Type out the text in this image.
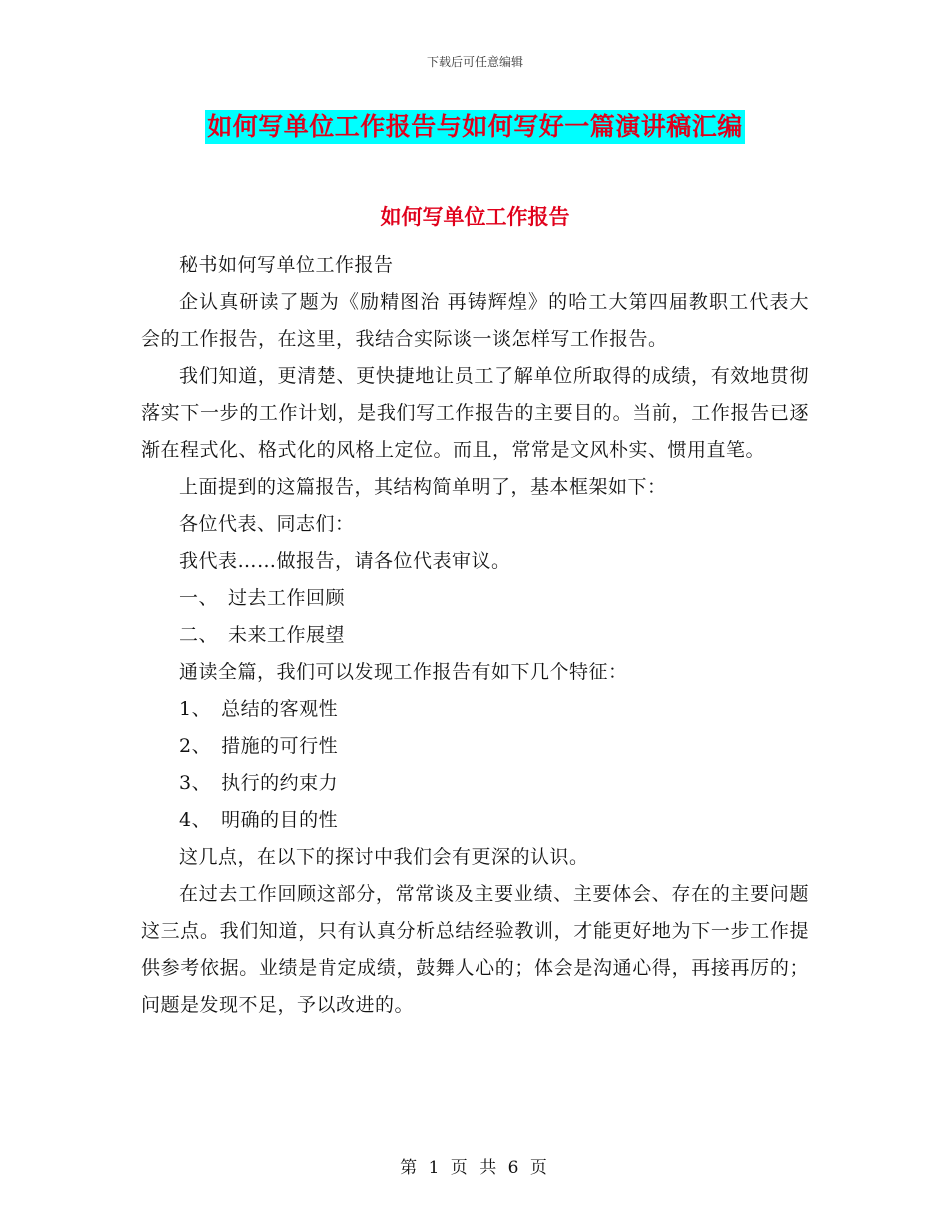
下载后可任意编辑
如何写单位工作报告与如何写好一篇演讲稿汇编
如何写单位工作报告

秘书如何写单位工作报告

企认真研读了题为《励精图治 再铸辉煌》的哈工大第四届教职工代表大会的工作报告，在这里，我结合实际谈一谈怎样写工作报告。

我们知道，更清楚、更快捷地让员工了解单位所取得的成绩，有效地贯彻落实下一步的工作计划，是我们写工作报告的主要目的。当前，工作报告已逐渐在程式化、格式化的风格上定位。而且，常常是文风朴实、惯用直笔。

上面提到的这篇报告，其结构简单明了，基本框架如下：

各位代表、同志们：

我代表……做报告，请各位代表审议。

一、　过去工作回顾

二、　未来工作展望

通读全篇，我们可以发现工作报告有如下几个特征：

1、　总结的客观性

2、　措施的可行性

3、　执行的约束力

4、　明确的目的性

这几点，在以下的探讨中我们会有更深的认识。

在过去工作回顾这部分，常常谈及主要业绩、主要体会、存在的主要问题这三点。我们知道，只有认真分析总结经验教训，才能更好地为下一步工作提供参考依据。业绩是肯定成绩，鼓舞人心的；体会是沟通心得，再接再厉的；问题是发现不足，予以改进的。

第 1 页 共 6 页
